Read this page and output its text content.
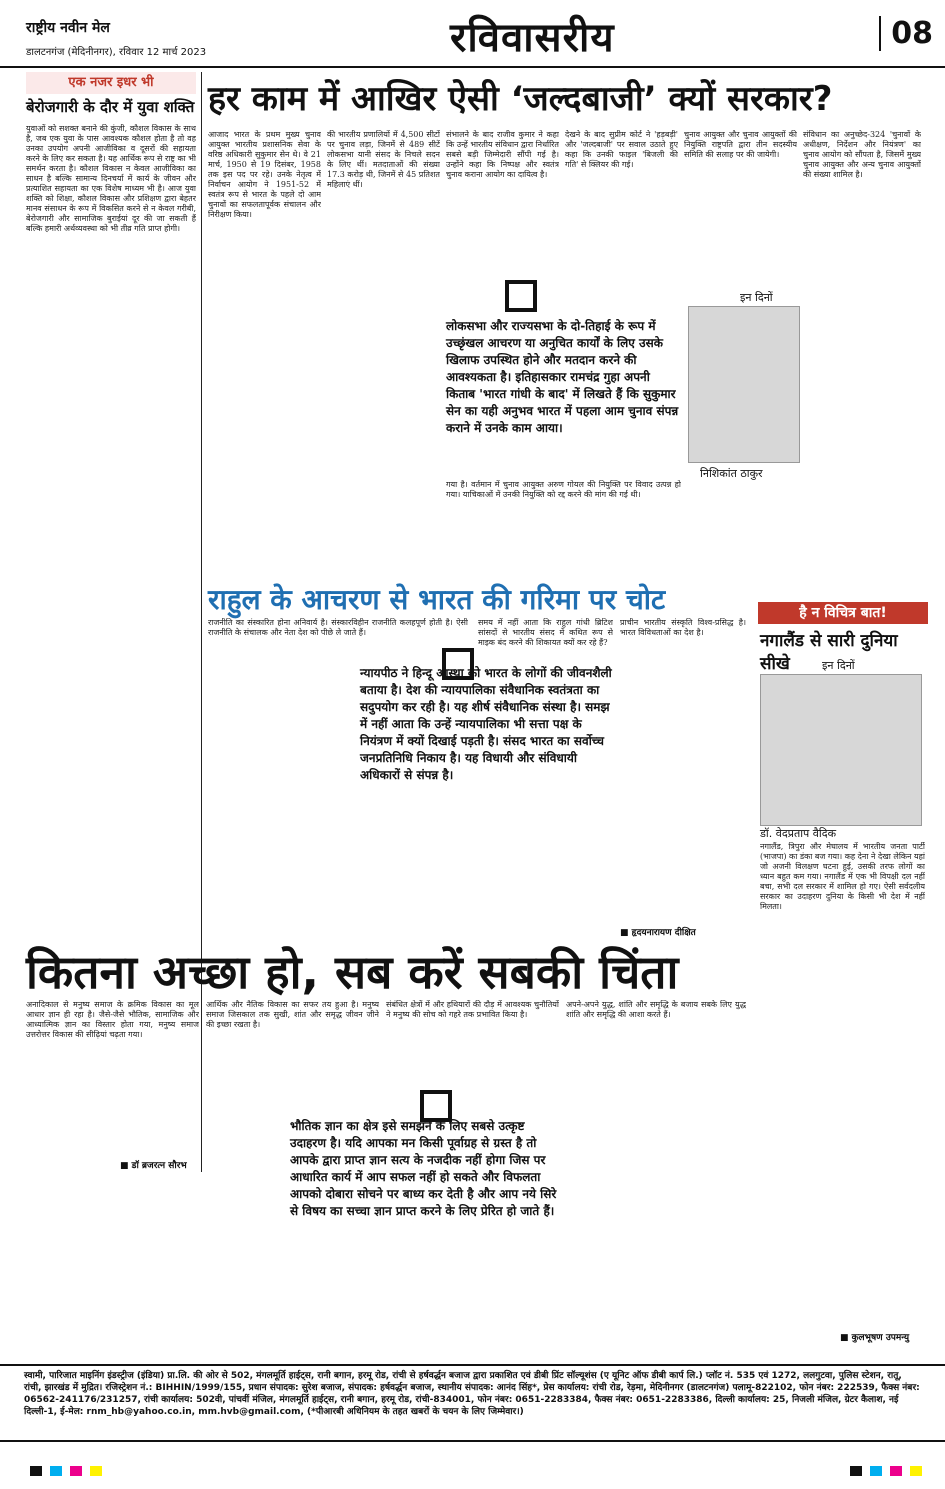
राष्ट्रीय नवीन मेल
डालटनगंज (मेदिनीनगर), रविवार 12 मार्च 2023	रविवासरीय	08
एक नजर इधर भी
बेरोजगारी के दौर में युवा शक्ति
युवाओं को सशक्त बनाने की कुंजी, कौशल विकास के साथ है, जब एक युवा के पास आवश्यक कौशल होता है तो वह उनका उपयोग अपनी आजीविका व दूसरों की सहायता करने के लिए कर सकता है। यह आर्थिक रूप से राष्ट्र का भी समर्थन करता है। कौशल विकास न केवल आजीविका का साधन है बल्कि सामान्य दिनचर्या में कार्य के जीवन और प्रत्याशित सहायता का एक विशेष माध्यम भी है। आज युवा शक्ति को शिक्षा, कौशल विकास और प्रशिक्षण द्वारा बेहतर मानव संसाधन के रूप में विकसित करने से न केवल गरीबी, बेरोजगारी और सामाजिक बुराईयां दूर की जा सकती हैं बल्कि हमारी अर्थव्यवस्था को भी तीव्र गति प्राप्त होगी।
■ डॉ ब्रजरत्न सौरभ
हर काम में आखिर ऐसी ‘जल्दबाजी’ क्यों सरकार?
आजाद भारत के प्रथम मुख्य चुनाव आयुक्त भारतीय प्रशासनिक सेवा के वरिष्ठ अधिकारी सुकुमार सेन थे। वे 21 मार्च, 1950 से 19 दिसंबर, 1958 तक इस पद पर रहे। उनके नेतृत्व में निर्वाचन आयोग ने 1951-52 में स्वतंत्र रूप से भारत के पहले दो आम चुनावों का सफलतापूर्वक संचालन और निरीक्षण किया।
की भारतीय प्रणालियों में 4,500 सीटों पर चुनाव लड़ा, जिनमें से 489 सीटें लोकसभा यानी संसद के निचले सदन के लिए थीं। मतदाताओं की संख्या 17.3 करोड़ थी, जिनमें से 45 प्रतिशत महिलाएं थीं।
संभालने के बाद राजीव कुमार ने कहा कि उन्हें भारतीय संविधान द्वारा निर्धारित सबसे बड़ी जिम्मेदारी सौंपी गई है। उन्होंने कहा कि निष्पक्ष और स्वतंत्र चुनाव कराना आयोग का दायित्व है।
देखने के बाद सुप्रीम कोर्ट ने 'हड़बड़ी' और 'जल्दबाजी' पर सवाल उठाते हुए कहा कि उनकी फाइल 'बिजली की गति' से क्लियर की गई।
चुनाव आयुक्त और चुनाव आयुक्तों की नियुक्ति राष्ट्रपति द्वारा तीन सदस्यीय समिति की सलाह पर की जायेगी।
संविधान का अनुच्छेद-324 'चुनावों के अधीक्षण, निर्देशन और नियंत्रण' का चुनाव आयोग को सौंपता है, जिसमें मुख्य चुनाव आयुक्त और अन्य चुनाव आयुक्तों की संख्या शामिल है।
लोकसभा और राज्यसभा के दो-तिहाई के रूप में उच्छृंखल आचरण या अनुचित कार्यों के लिए उसके खिलाफ उपस्थित होने और मतदान करने की आवश्यकता है। इतिहासकार रामचंद्र गुहा अपनी किताब 'भारत गांधी के बाद' में लिखते हैं कि सुकुमार सेन का यही अनुभव भारत में पहला आम चुनाव संपन्न कराने में उनके काम आया।
गया है। वर्तमान में चुनाव आयुक्त अरुण गोयल की नियुक्ति पर विवाद उत्पन्न हो गया। याचिकाओं में उनकी नियुक्ति को रद्द करने की मांग की गई थी।
इन दिनों
निशिकांत ठाकुर
राहुल के आचरण से भारत की गरिमा पर चोट
राजनीति का संस्कारित होना अनिवार्य है। संस्कारविहीन राजनीति कलहपूर्ण होती है। ऐसी राजनीति के संचालक और नेता देश को पीछे ले जाते हैं।
समय में नहीं आता कि राहुल गांधी ब्रिटिश सांसदों से भारतीय संसद में कथित रूप से माइक बंद करने की शिकायत क्यों कर रहे हैं?
प्राचीन भारतीय संस्कृति विश्व-प्रसिद्ध है। भारत विविधताओं का देश है।
न्यायपीठ ने हिन्दू आस्था को भारत के लोगों की जीवनशैली बताया है। देश की न्यायपालिका संवैधानिक स्वतंत्रता का सदुपयोग कर रही है। यह शीर्ष संवैधानिक संस्था है। समझ में नहीं आता कि उन्हें न्यायपालिका भी सत्ता पक्ष के नियंत्रण में क्यों दिखाई पड़ती है। संसद भारत का सर्वोच्च जनप्रतिनिधि निकाय है। यह विधायी और संविधायी अधिकारों से संपन्न है।
■ हृदयनारायण दीक्षित
है न विचित्र बात!
नगालैंड से सारी दुनिया सीखे	इन दिनों
डॉ. वेदप्रताप वैदिक
नगालैंड, त्रिपुरा और मेघालय में भारतीय जनता पार्टी (भाजपा) का डंका बज गया। कह देना ने देखा लेकिन यहां जो अजनी विलक्षण घटना हुई, उसकी तरफ लोगों का ध्यान बहुत कम गया। नगालैंड में एक भी विपक्षी दल नहीं बचा, सभी दल सरकार में शामिल हो गए। ऐसी सर्वदलीय सरकार का उदाहरण दुनिया के किसी भी देश में नहीं मिलता।
■ कुलभूषण उपमन्यु
कितना अच्छा हो, सब करें सबकी चिंता
अनादिकाल से मनुष्य समाज के क्रमिक विकास का मूल आधार ज्ञान ही रहा है। जैसे-जैसे भौतिक, सामाजिक और आध्यात्मिक ज्ञान का विस्तार होता गया, मनुष्य समाज उत्तरोत्तर विकास की सीढ़ियां चढ़ता गया।
आर्थिक और नैतिक विकास का सफर तय हुआ है। मनुष्य समाज जिसकाल तक सुखी, शांत और समृद्ध जीवन जीने की इच्छा रखता है।
संबंधित क्षेत्रों में और हथियारों की दौड़ में आवश्यक चुनौतियों ने मनुष्य की सोच को गहरे तक प्रभावित किया है।
अपने-अपने युद्ध, शांति और समृद्धि के बजाय सबके लिए युद्ध शांति और समृद्धि की आशा करते हैं।
भौतिक ज्ञान का क्षेत्र इसे समझने के लिए सबसे उत्कृष्ट उदाहरण है। यदि आपका मन किसी पूर्वाग्रह से ग्रस्त है तो आपके द्वारा प्राप्त ज्ञान सत्य के नजदीक नहीं होगा जिस पर आधारित कार्य में आप सफल नहीं हो सकते और विफलता आपको दोबारा सोचने पर बाध्य कर देती है और आप नये सिरे से विषय का सच्चा ज्ञान प्राप्त करने के लिए प्रेरित हो जाते हैं।
स्वामी, पारिजात माइनिंग इंडस्ट्रीज (इंडिया) प्रा.लि. की ओर से 502, मंगलमूर्ति हाईट्स, रानी बगान, हरमू रोड, रांची से हर्षवर्द्धन बजाज द्वारा प्रकाशित एवं डीबी प्रिंट सॉल्यूशंस (ए यूनिट ऑफ डीबी कार्प लि.) प्लॉट नं. 535 एवं 1272, ललगुटवा, पुलिस स्टेशन, रातू, रांची, झारखंड में मुद्रित। रजिस्ट्रेशन नं.: BIHHIN/1999/155, प्रधान संपादक: सुरेश बजाज, संपादक: हर्षवर्द्धन बजाज, स्थानीय संपादक: आनंद सिंह*, प्रेस कार्यालय: रांची रोड, रेड़मा, मेदिनीनगर (डालटनगंज) पलामू-822102, फोन नंबर: 222539, फैक्स नंबर: 06562-241176/231257, रांची कार्यालय: 502वी, पांचवीं मंजिल, मंगलमूर्ति हाईट्स, रानी बगान, हरमू रोड, रांची-834001, फोन नंबर: 0651-2283384, फैक्स नंबर: 0651-2283386, दिल्ली कार्यालय: 25, निजली मंजिल, ग्रेटर कैलाश, नई दिल्ली-1, ई-मेल: rnm_hb@yahoo.co.in, mm.hvb@gmail.com, (*पीआरबी अधिनियम के तहत खबरों के चयन के लिए जिम्मेवार।)
